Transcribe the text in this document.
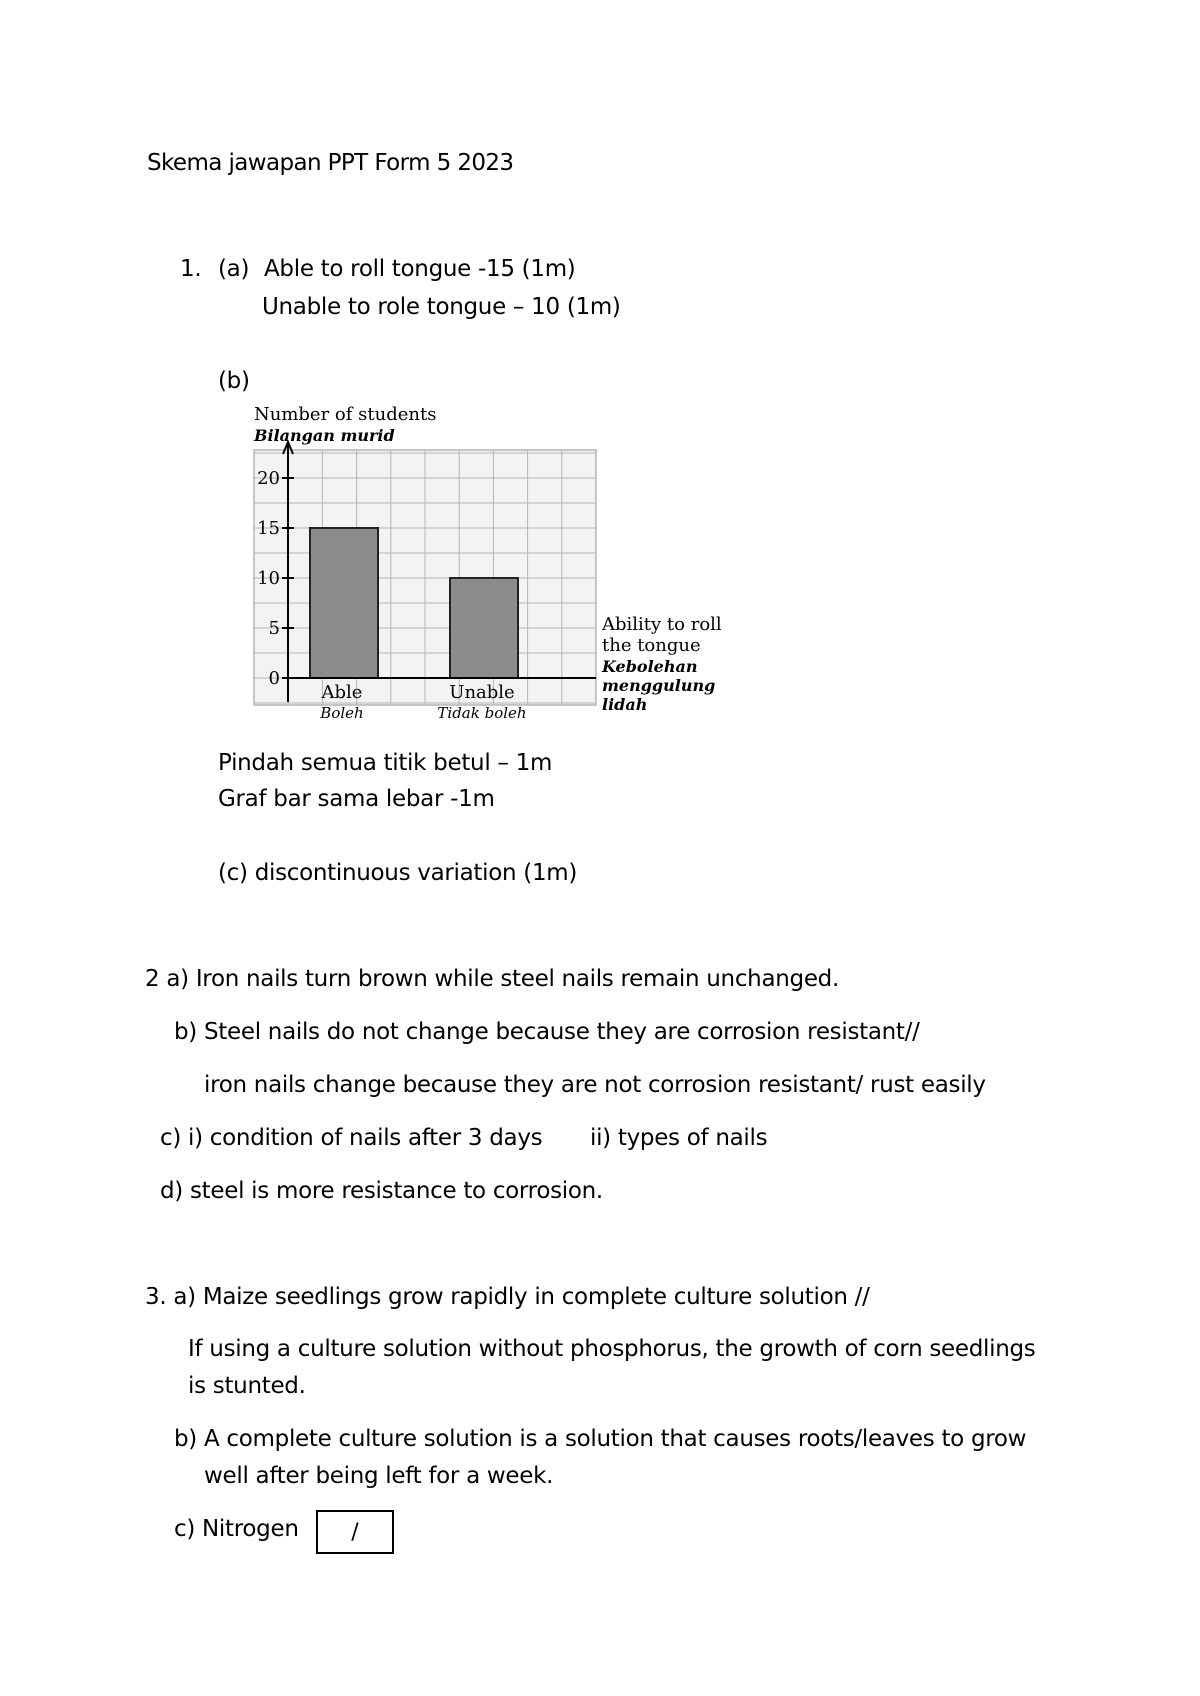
Skema jawapan PPT Form 5 2023
1. (a) Able to roll tongue -15 (1m)
Unable to role tongue – 10 (1m)
(b)
0
5
10
15
20
Able
Boleh
Unable
Tidak boleh
Number of students
Bilangan murid
Ability to roll
the tongue
Kebolehan
menggulung
lidah
Pindah semua titik betul – 1m
Graf bar sama lebar -1m
(c) discontinuous variation (1m)
2 a) Iron nails turn brown while steel nails remain unchanged.
b) Steel nails do not change because they are corrosion resistant//
iron nails change because they are not corrosion resistant/ rust easily
c) i) condition of nails after 3 days ii) types of nails
d) steel is more resistance to corrosion.
3. a) Maize seedlings grow rapidly in complete culture solution //
If using a culture solution without phosphorus, the growth of corn seedlings
is stunted.
b) A complete culture solution is a solution that causes roots/leaves to grow
well after being left for a week.
c) Nitrogen /
